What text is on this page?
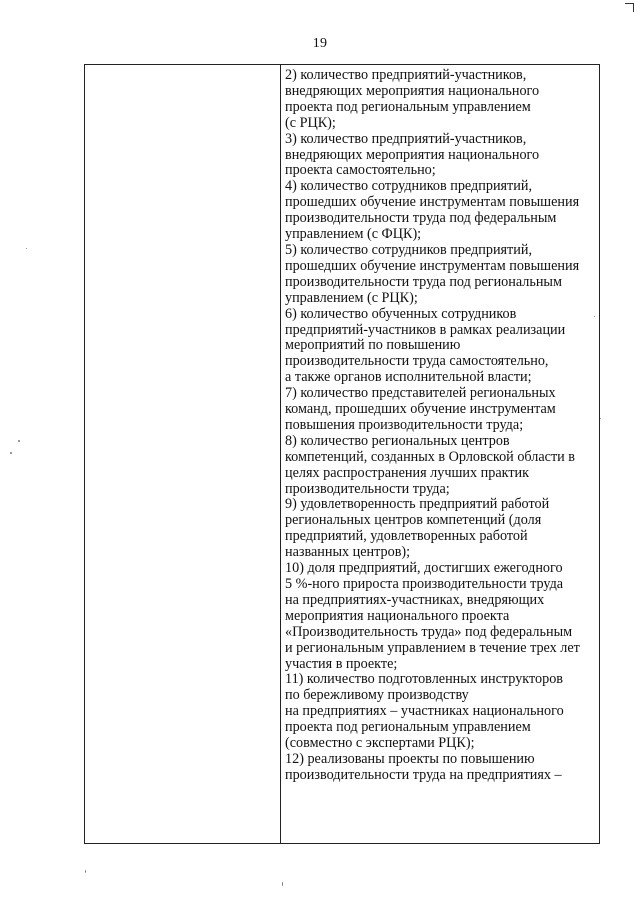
19
2) количество предприятий-участников,
внедряющих мероприятия национального
проекта под региональным управлением
(с РЦК);
3) количество предприятий-участников,
внедряющих мероприятия национального
проекта самостоятельно;
4) количество сотрудников предприятий,
прошедших обучение инструментам повышения
производительности труда под федеральным
управлением (с ФЦК);
5) количество сотрудников предприятий,
прошедших обучение инструментам повышения
производительности труда под региональным
управлением (с РЦК);
6) количество обученных сотрудников
предприятий-участников в рамках реализации
мероприятий по повышению
производительности труда самостоятельно,
а также органов исполнительной власти;
7) количество представителей региональных
команд, прошедших обучение инструментам
повышения производительности труда;
8) количество региональных центров
компетенций, созданных в Орловской области в
целях распространения лучших практик
производительности труда;
9) удовлетворенность предприятий работой
региональных центров компетенций (доля
предприятий, удовлетворенных работой
названных центров);
10) доля предприятий, достигших ежегодного
5 %-ного прироста производительности труда
на предприятиях-участниках, внедряющих
мероприятия национального проекта
«Производительность труда» под федеральным
и региональным управлением в течение трех лет
участия в проекте;
11) количество подготовленных инструкторов
по бережливому производству
на предприятиях – участниках национального
проекта под региональным управлением
(совместно с экспертами РЦК);
12) реализованы проекты по повышению
производительности труда на предприятиях –
